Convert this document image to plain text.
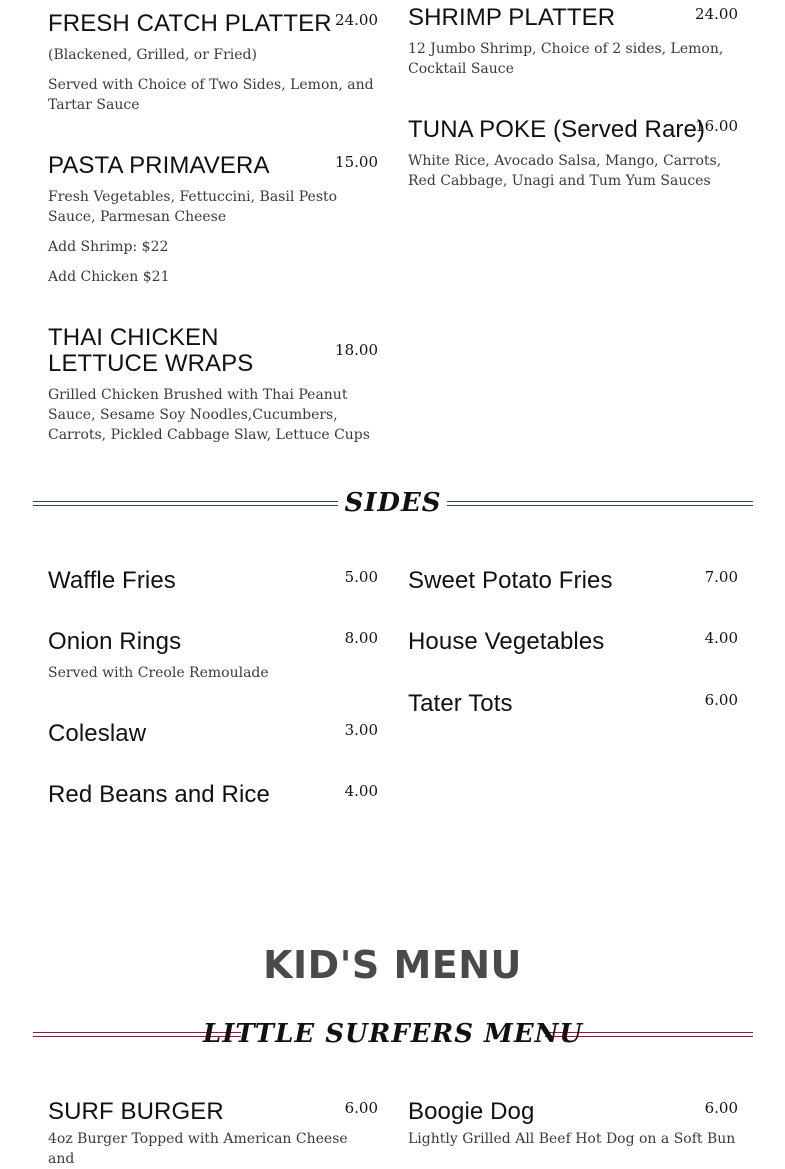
FRESH CATCH PLATTER 24.00
(Blackened, Grilled, or Fried)
Served with Choice of Two Sides, Lemon, and Tartar Sauce
PASTA PRIMAVERA	15.00
Fresh Vegetables, Fettuccini, Basil Pesto Sauce, Parmesan Cheese
Add Shrimp: $22
Add Chicken $21
THAI CHICKEN LETTUCE WRAPS	18.00
Grilled Chicken Brushed with Thai Peanut Sauce, Sesame Soy Noodles,Cucumbers, Carrots, Pickled Cabbage Slaw, Lettuce Cups
SHRIMP PLATTER	24.00
12 Jumbo Shrimp, Choice of 2 sides, Lemon, Cocktail Sauce
TUNA POKE (Served Rare)
16.00
White Rice, Avocado Salsa, Mango, Carrots, Red Cabbage, Unagi and Tum Yum Sauces
SIDES
Waffle Fries	5.00
Onion Rings	8.00
Served with Creole Remoulade
Coleslaw	3.00
Red Beans and Rice	4.00
Sweet Potato Fries	7.00
House Vegetables	4.00
Tater Tots	6.00
KID'S MENU
LITTLE SURFERS MENU
SURF BURGER	6.00
4oz Burger Topped with American Cheese and
Boogie Dog	6.00
Lightly Grilled All Beef Hot Dog on a Soft Bun
